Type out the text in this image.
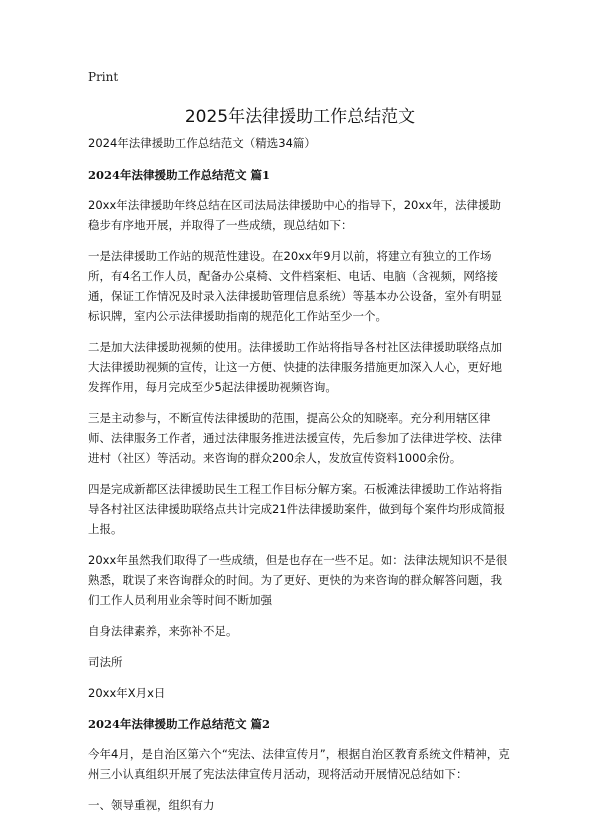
Print
2025年法律援助工作总结范文

2024年法律援助工作总结范文（精选34篇）

2024年法律援助工作总结范文 篇1

20xx年法律援助年终总结在区司法局法律援助中心的指导下，20xx年，法律援助稳步有序地开展，并取得了一些成绩，现总结如下：

一是法律援助工作站的规范性建设。在20xx年9月以前，将建立有独立的工作场所，有4名工作人员，配备办公桌椅、文件档案柜、电话、电脑（含视频，网络接通，保证工作情况及时录入法律援助管理信息系统）等基本办公设备，室外有明显标识牌，室内公示法律援助指南的规范化工作站至少一个。

二是加大法律援助视频的使用。法律援助工作站将指导各村社区法律援助联络点加大法律援助视频的宣传，让这一方便、快捷的法律服务措施更加深入人心，更好地发挥作用，每月完成至少5起法律援助视频咨询。

三是主动参与，不断宣传法律援助的范围，提高公众的知晓率。充分利用辖区律师、法律服务工作者，通过法律服务推进法援宣传，先后参加了法律进学校、法律进村（社区）等活动。来咨询的群众200余人，发放宣传资料1000余份。

四是完成新都区法律援助民生工程工作目标分解方案。石板滩法律援助工作站将指导各村社区法律援助联络点共计完成21件法律援助案件，做到每个案件均形成简报上报。

20xx年虽然我们取得了一些成绩，但是也存在一些不足。如：法律法规知识不是很熟悉，耽误了来咨询群众的时间。为了更好、更快的为来咨询的群众解答问题，我们工作人员利用业余等时间不断加强

自身法律素养，来弥补不足。

司法所

20xx年X月x日

2024年法律援助工作总结范文 篇2

今年4月，是自治区第六个“宪法、法律宣传月”，根据自治区教育系统文件精神，克州三小认真组织开展了宪法法律宣传月活动，现将活动开展情况总结如下：

一、领导重视，组织有力
